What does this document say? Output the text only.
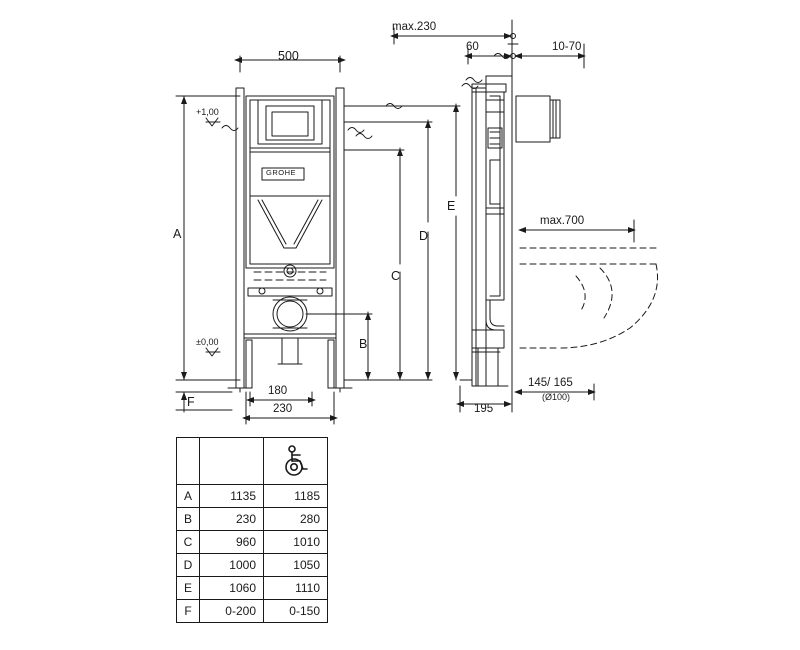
500
A
B
C
D
E
F
+1,00
±0,00
180
230
GROHE
max.230
60	10-70
max.700
145/ 165
(Ø100)
195

A	1135	1185
B	230	280
C	960	1010
D	1000	1050
E	1060	1110
F	0-200	0-150
